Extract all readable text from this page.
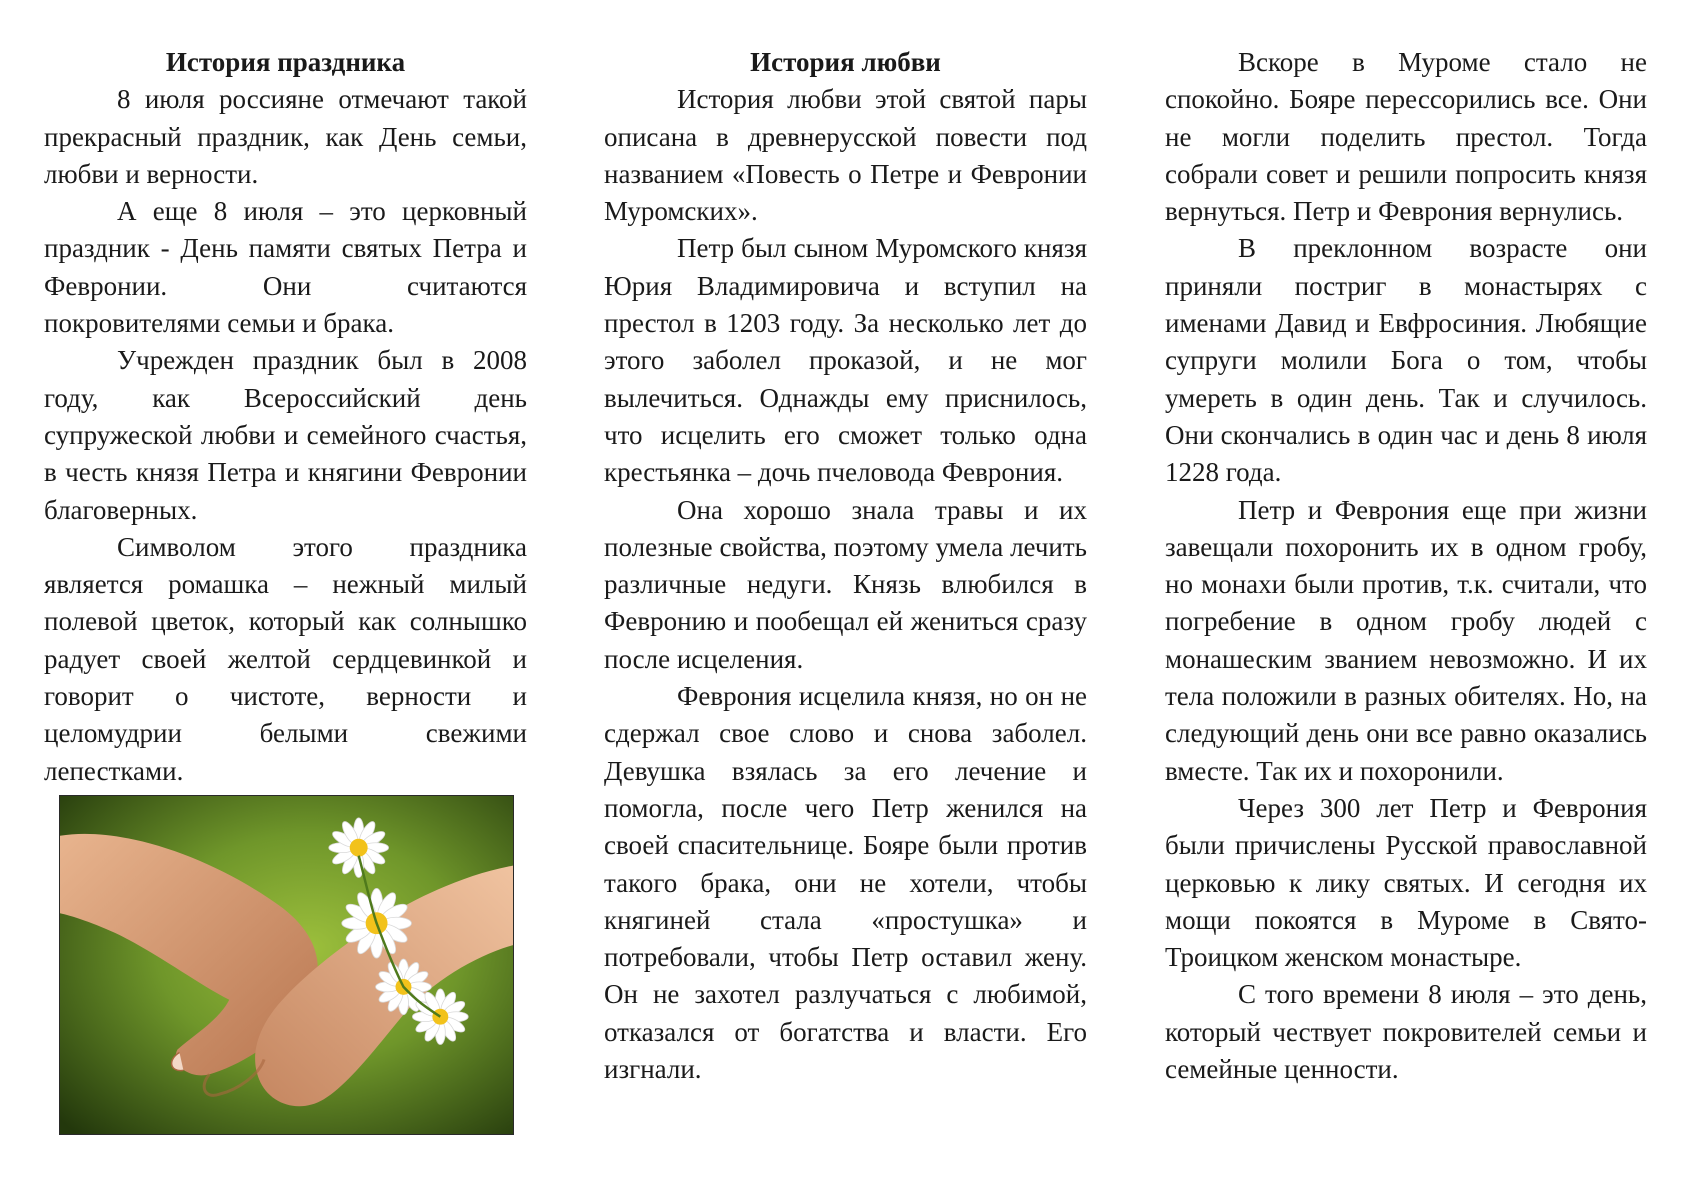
История праздника

8 июля россияне отмечают такой прекрасный праздник, как День семьи, любви и верности.

А еще 8 июля – это церковный праздник - День памяти святых Петра и Февронии. Они считаются покровителями семьи и брака.

Учрежден праздник был в 2008 году, как Всероссийский день супружеской любви и семейного счастья, в честь князя Петра и княгини Февронии благоверных.

Символом этого праздника является ромашка – нежный милый полевой цветок, который как солнышко радует своей желтой сердцевинкой и говорит о чистоте, верности и целомудрии белыми свежими лепестками.

История любви

История любви этой святой пары описана в древнерусской повести под названием «Повесть о Петре и Февронии Муромских».

Петр был сыном Муромского князя Юрия Владимировича и вступил на престол в 1203 году. За несколько лет до этого заболел проказой, и не мог вылечиться. Однажды ему приснилось, что исцелить его сможет только одна крестьянка – дочь пчеловода Феврония.

Она хорошо знала травы и их полезные свойства, поэтому умела лечить различные недуги. Князь влюбился в Февронию и пообещал ей жениться сразу после исцеления.

Феврония исцелила князя, но он не сдержал свое слово и снова заболел. Девушка взялась за его лечение и помогла, после чего Петр женился на своей спасительнице. Бояре были против такого брака, они не хотели, чтобы княгиней стала «простушка» и потребовали, чтобы Петр оставил жену. Он не захотел разлучаться с любимой, отказался от богатства и власти. Его изгнали.

Вскоре в Муроме стало не спокойно. Бояре перессорились все. Они не могли поделить престол. Тогда собрали совет и решили попросить князя вернуться. Петр и Феврония вернулись.

В преклонном возрасте они приняли постриг в монастырях с именами Давид и Евфросиния. Любящие супруги молили Бога о том, чтобы умереть в один день. Так и случилось. Они скончались в один час и день 8 июля 1228 года.

Петр и Феврония еще при жизни завещали похоронить их в одном гробу, но монахи были против, т.к. считали, что погребение в одном гробу людей с монашеским званием невозможно. И их тела положили в разных обителях. Но, на следующий день они все равно оказались вместе. Так их и похоронили.

Через 300 лет Петр и Феврония были причислены Русской православной церковью к лику святых. И сегодня их мощи покоятся в Муроме в Свято-Троицком женском монастыре.

С того времени 8 июля – это день, который чествует покровителей семьи и семейные ценности.
